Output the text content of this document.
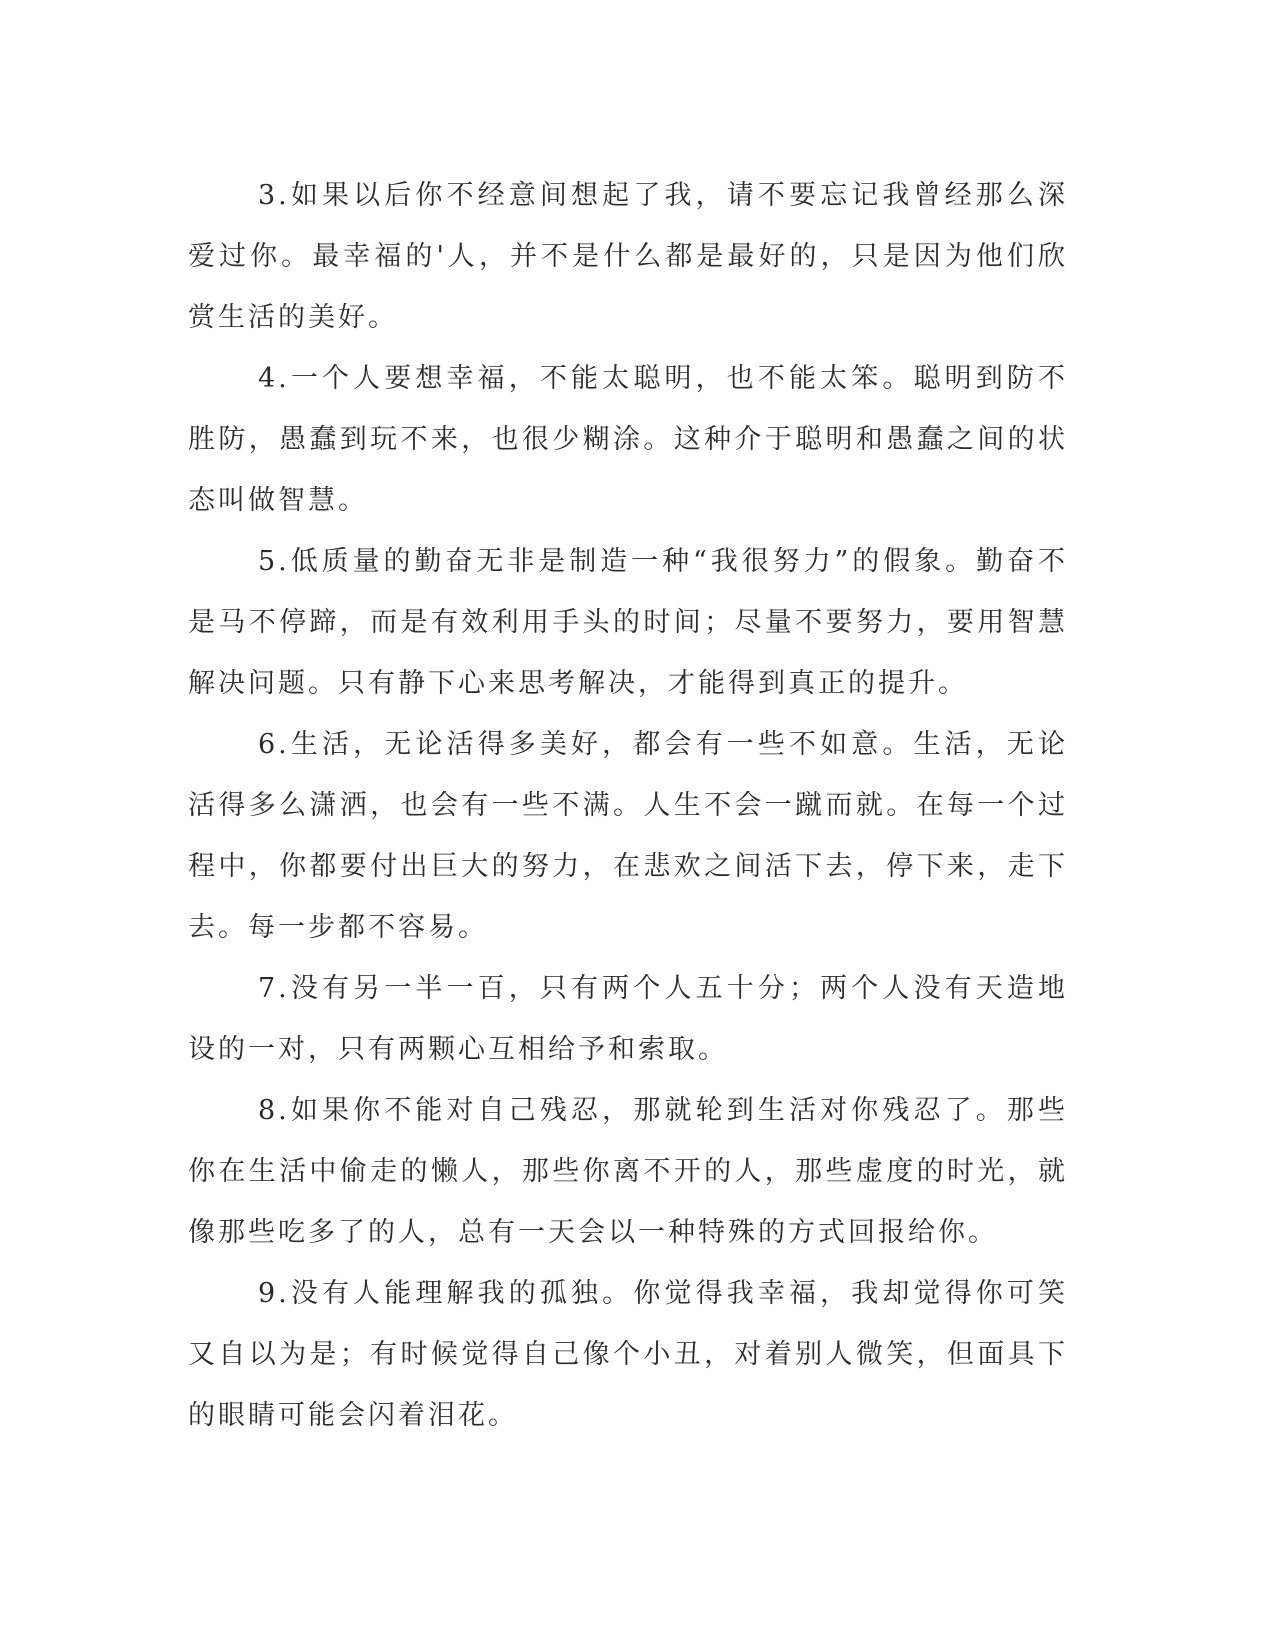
3.如果以后你不经意间想起了我，请不要忘记我曾经那么深爱过你。最幸福的'人，并不是什么都是最好的，只是因为他们欣赏生活的美好。

4.一个人要想幸福，不能太聪明，也不能太笨。聪明到防不胜防，愚蠢到玩不来，也很少糊涂。这种介于聪明和愚蠢之间的状态叫做智慧。

5.低质量的勤奋无非是制造一种“我很努力”的假象。勤奋不是马不停蹄，而是有效利用手头的时间；尽量不要努力，要用智慧解决问题。只有静下心来思考解决，才能得到真正的提升。

6.生活，无论活得多美好，都会有一些不如意。生活，无论活得多么潇洒，也会有一些不满。人生不会一蹴而就。在每一个过程中，你都要付出巨大的努力，在悲欢之间活下去，停下来，走下去。每一步都不容易。

7.没有另一半一百，只有两个人五十分；两个人没有天造地设的一对，只有两颗心互相给予和索取。

8.如果你不能对自己残忍，那就轮到生活对你残忍了。那些你在生活中偷走的懒人，那些你离不开的人，那些虚度的时光，就像那些吃多了的人，总有一天会以一种特殊的方式回报给你。

9.没有人能理解我的孤独。你觉得我幸福，我却觉得你可笑又自以为是；有时候觉得自己像个小丑，对着别人微笑，但面具下的眼睛可能会闪着泪花。
